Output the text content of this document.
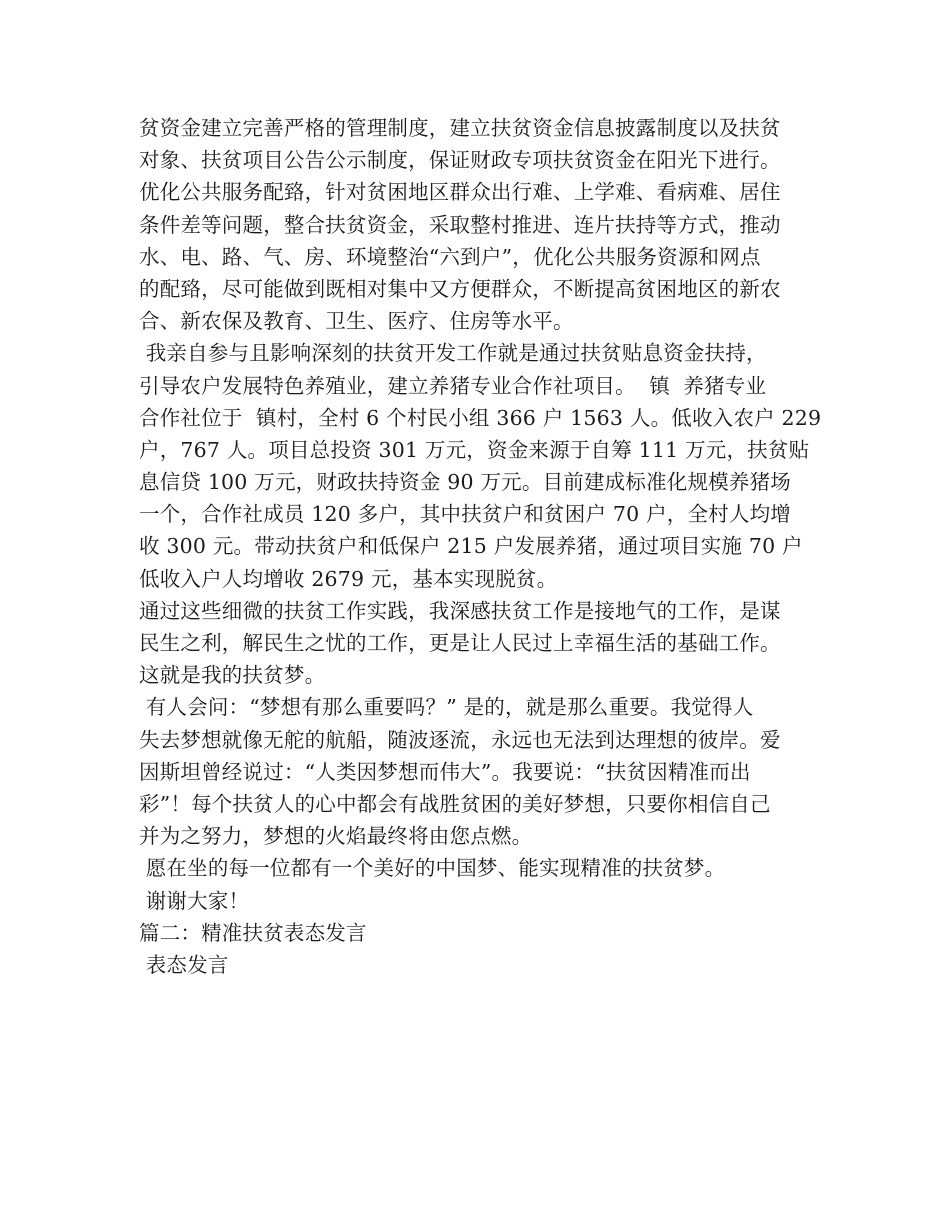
贫资金建立完善严格的管理制度，建立扶贫资金信息披露制度以及扶贫
对象、扶贫项目公告公示制度，保证财政专项扶贫资金在阳光下进行。
优化公共服务配臵，针对贫困地区群众出行难、上学难、看病难、居住
条件差等问题，整合扶贫资金，采取整村推进、连片扶持等方式，推动
水、电、路、气、房、环境整治“六到户”，优化公共服务资源和网点
的配臵，尽可能做到既相对集中又方便群众，不断提高贫困地区的新农
合、新农保及教育、卫生、医疗、住房等水平。
我亲自参与且影响深刻的扶贫开发工作就是通过扶贫贴息资金扶持，
引导农户发展特色养殖业，建立养猪专业合作社项目。  镇  养猪专业
合作社位于  镇村，全村 6 个村民小组 366 户 1563 人。低收入农户 229
户，767 人。项目总投资 301 万元，资金来源于自筹 111 万元，扶贫贴
息信贷 100 万元，财政扶持资金 90 万元。目前建成标准化规模养猪场
一个，合作社成员 120 多户，其中扶贫户和贫困户 70 户，全村人均增
收 300 元。带动扶贫户和低保户 215 户发展养猪，通过项目实施 70 户
低收入户人均增收 2679 元，基本实现脱贫。
通过这些细微的扶贫工作实践，我深感扶贫工作是接地气的工作，是谋
民生之利，解民生之忧的工作，更是让人民过上幸福生活的基础工作。
这就是我的扶贫梦。
有人会问：“梦想有那么重要吗？” 是的，就是那么重要。我觉得人
失去梦想就像无舵的航船，随波逐流，永远也无法到达理想的彼岸。爱
因斯坦曾经说过：“人类因梦想而伟大”。我要说：“扶贫因精准而出
彩”！每个扶贫人的心中都会有战胜贫困的美好梦想，只要你相信自己
并为之努力，梦想的火焰最终将由您点燃。
愿在坐的每一位都有一个美好的中国梦、能实现精准的扶贫梦。
谢谢大家！
篇二：精准扶贫表态发言
表态发言
